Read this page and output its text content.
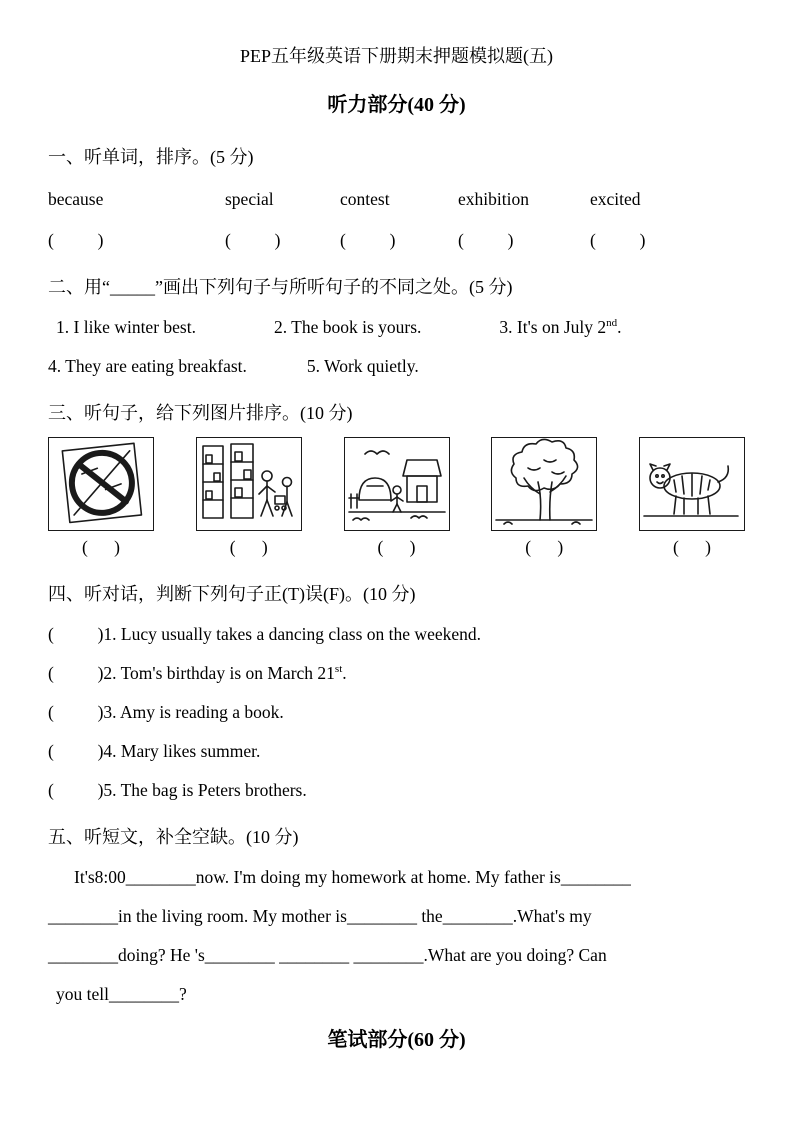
PEP五年级英语下册期末押题模拟题(五)
听力部分(40 分)
一、听单词，排序。(5 分)
because	special	contest	exhibition	excited
(          )	(          )	(          )	(          )	(          )
二、用“_____”画出下列句子与所听句子的不同之处。(5 分)
1. I like winter best.	2. The book is yours.	3. It's on July 2nd.
4. They are eating breakfast.	5. Work quietly.
三、听句子，给下列图片排序。(10 分)
(      )	(      )	(      )	(      )	(      )
四、听对话，判断下列句子正(T)误(F)。(10 分)
(          )1. Lucy usually takes a dancing class on the weekend.
(          )2. Tom's birthday is on March 21st.
(          )3. Amy is reading a book.
(          )4. Mary likes summer.
(          )5. The bag is Peters brothers.
五、听短文，补全空缺。(10 分)
It's8:00________now. I'm doing my homework at home. My father is________
________in the living room. My mother is________ the________.What's my
________doing? He 's________ ________ ________.What are you doing? Can
you tell________?
笔试部分(60 分)
